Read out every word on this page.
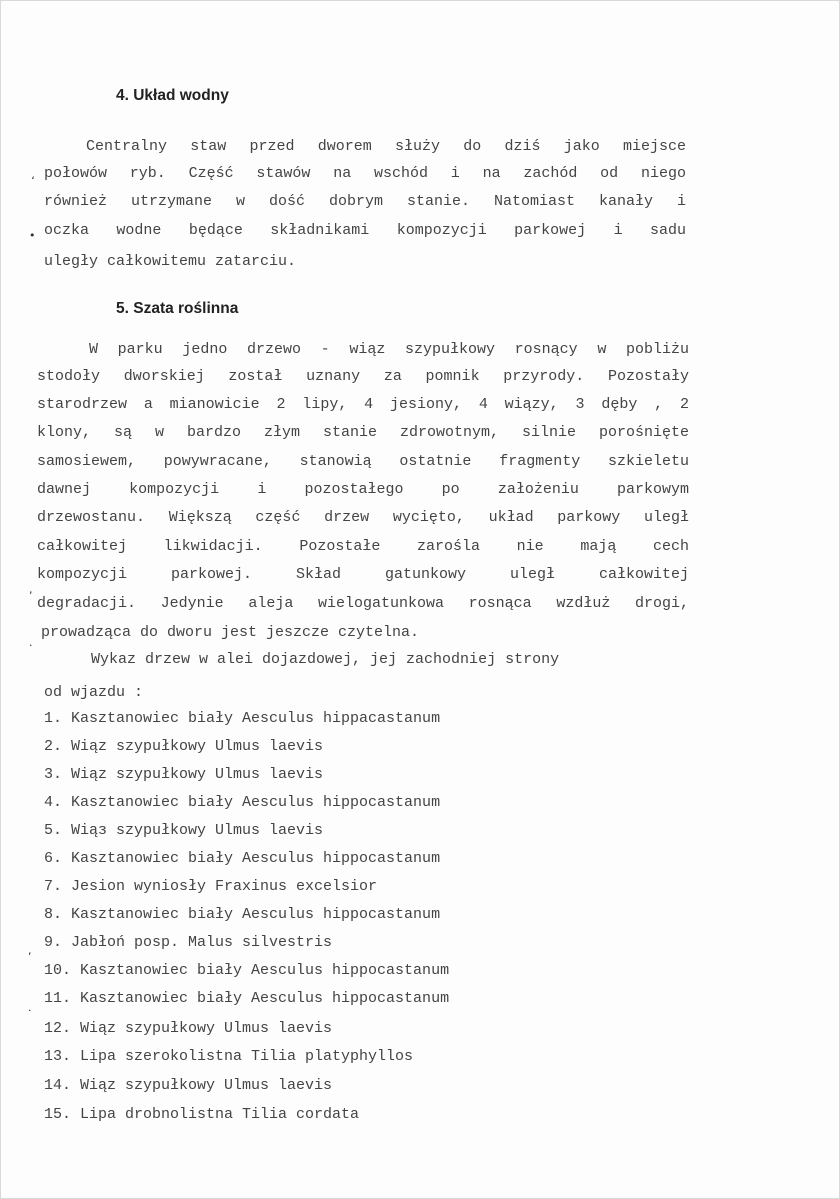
4. Układ wodny
Centralny staw przed dworem służy do dziś jako miejsce
połowów ryb. Część stawów na wschód i na zachód od niego
również utrzymane w dość dobrym stanie. Natomiast kanały i
oczka wodne będące składnikami kompozycji parkowej i sadu
uległy całkowitemu zatarciu.
5. Szata roślinna
W parku jedno drzewo - wiąz szypułkowy rosnący w pobliżu
stodoły dworskiej został uznany za pomnik przyrody. Pozostały
starodrzew a mianowicie 2 lipy, 4 jesiony, 4 wiązy, 3 dęby , 2
klony, są w bardzo złym stanie zdrowotnym, silnie porośnięte
samosiewem, powywracane, stanowią ostatnie fragmenty szkieletu
dawnej kompozycji i pozostałego po założeniu parkowym
drzewostanu. Większą część drzew wycięto, układ parkowy uległ
całkowitej likwidacji. Pozostałe zarośla nie mają cech
kompozycji parkowej. Skład gatunkowy uległ całkowitej
degradacji. Jedynie aleja wielogatunkowa rosnąca wzdłuż drogi,
prowadząca do dworu jest jeszcze czytelna.
Wykaz drzew w alei dojazdowej, jej zachodniej strony
od wjazdu :
1. Kasztanowiec biały Aesculus hippacastanum
2. Wiąz szypułkowy Ulmus laevis
3. Wiąz szypułkowy Ulmus laevis
4. Kasztanowiec biały Aesculus hippocastanum
5. Wiąз szypułkowy Ulmus laevis
6. Kasztanowiec biały Aesculus hippocastanum
7. Jesion wyniosły Fraxinus excelsior
8. Kasztanowiec biały Aesculus hippocastanum
9. Jabłoń posp. Malus silvestris
10. Kasztanowiec biały Aesculus hippocastanum
11. Kasztanowiec biały Aesculus hippocastanum
12. Wiąz szypułkowy Ulmus laevis
13. Lipa szerokolistna Tilia platyphyllos
14. Wiąz szypułkowy Ulmus laevis
15. Lipa drobnolistna Tilia cordata
،
•
,
.
,
.
